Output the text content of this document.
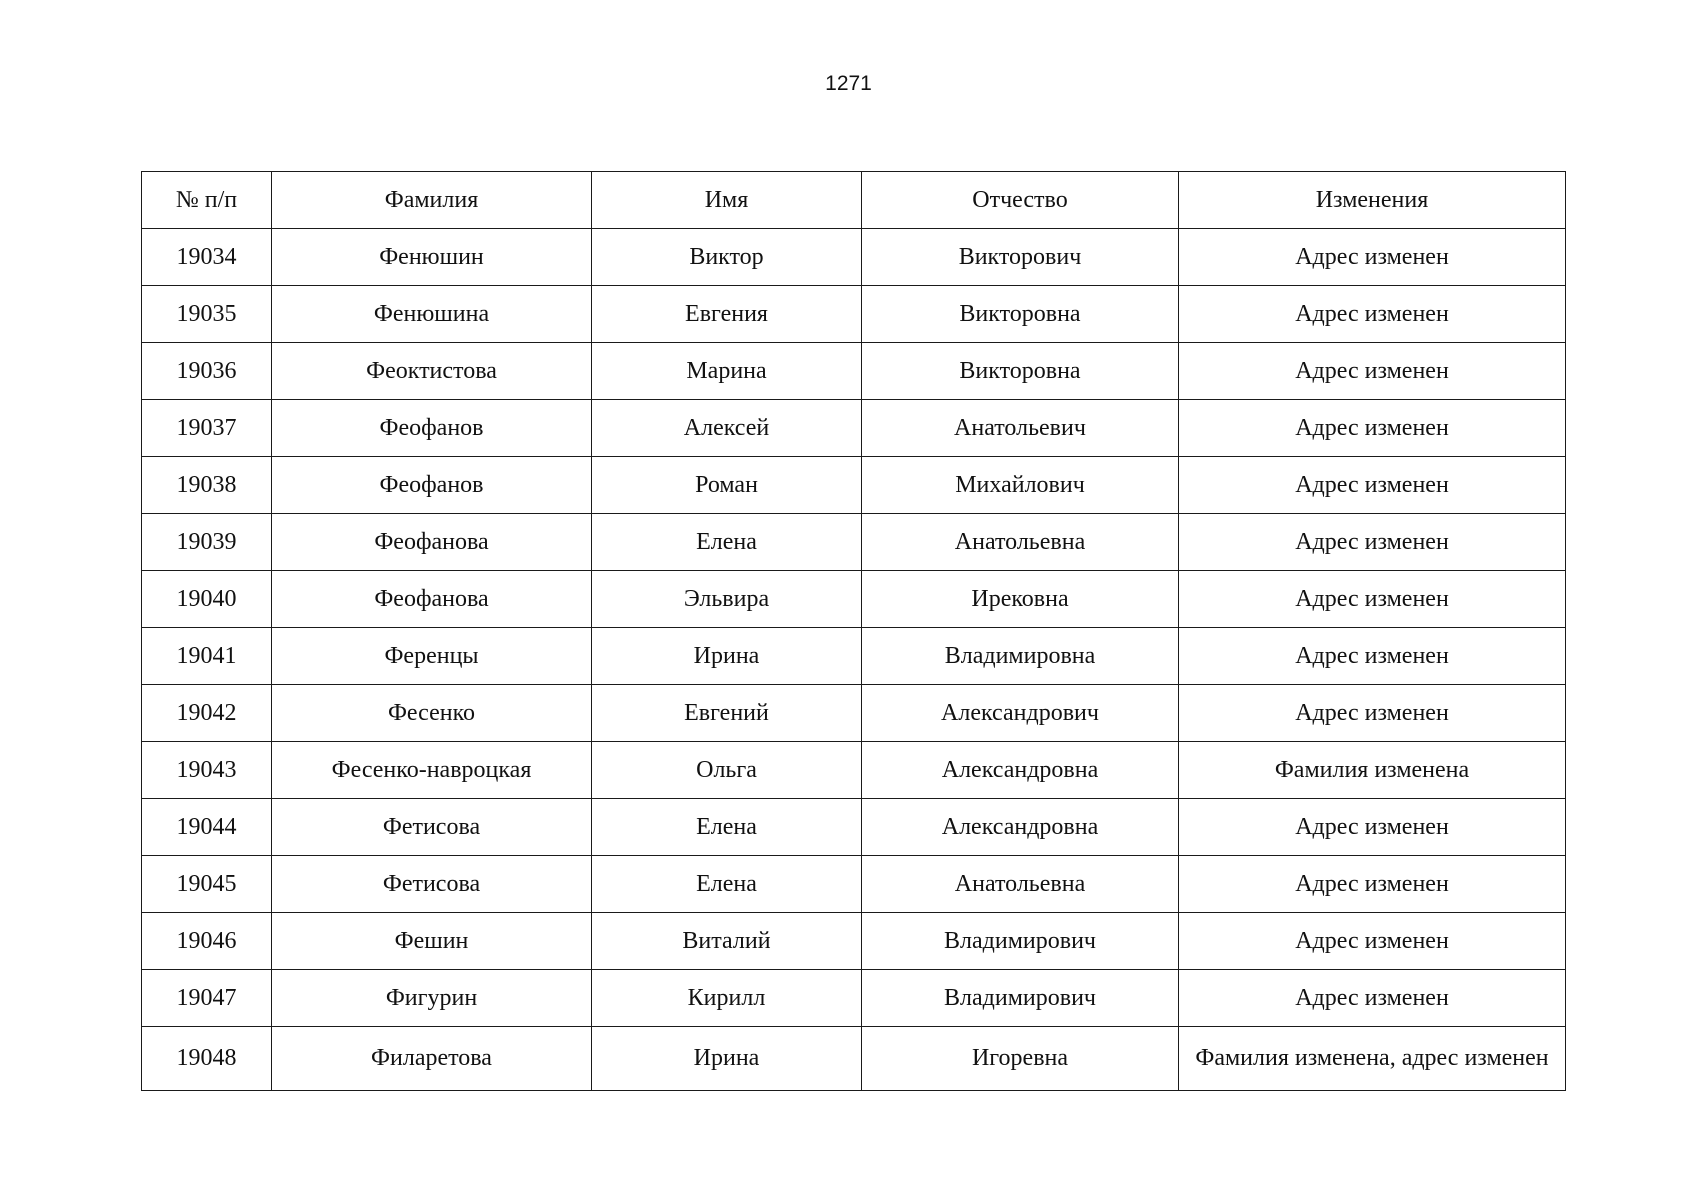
1271
№ п/п	Фамилия	Имя	Отчество	Изменения
19034	Фенюшин	Виктор	Викторович	Адрес изменен
19035	Фенюшина	Евгения	Викторовна	Адрес изменен
19036	Феоктистова	Марина	Викторовна	Адрес изменен
19037	Феофанов	Алексей	Анатольевич	Адрес изменен
19038	Феофанов	Роман	Михайлович	Адрес изменен
19039	Феофанова	Елена	Анатольевна	Адрес изменен
19040	Феофанова	Эльвира	Ирековна	Адрес изменен
19041	Ференцы	Ирина	Владимировна	Адрес изменен
19042	Фесенко	Евгений	Александрович	Адрес изменен
19043	Фесенко-навроцкая	Ольга	Александровна	Фамилия изменена
19044	Фетисова	Елена	Александровна	Адрес изменен
19045	Фетисова	Елена	Анатольевна	Адрес изменен
19046	Фешин	Виталий	Владимирович	Адрес изменен
19047	Фигурин	Кирилл	Владимирович	Адрес изменен
19048	Филаретова	Ирина	Игоревна	Фамилия изменена, адрес изменен
